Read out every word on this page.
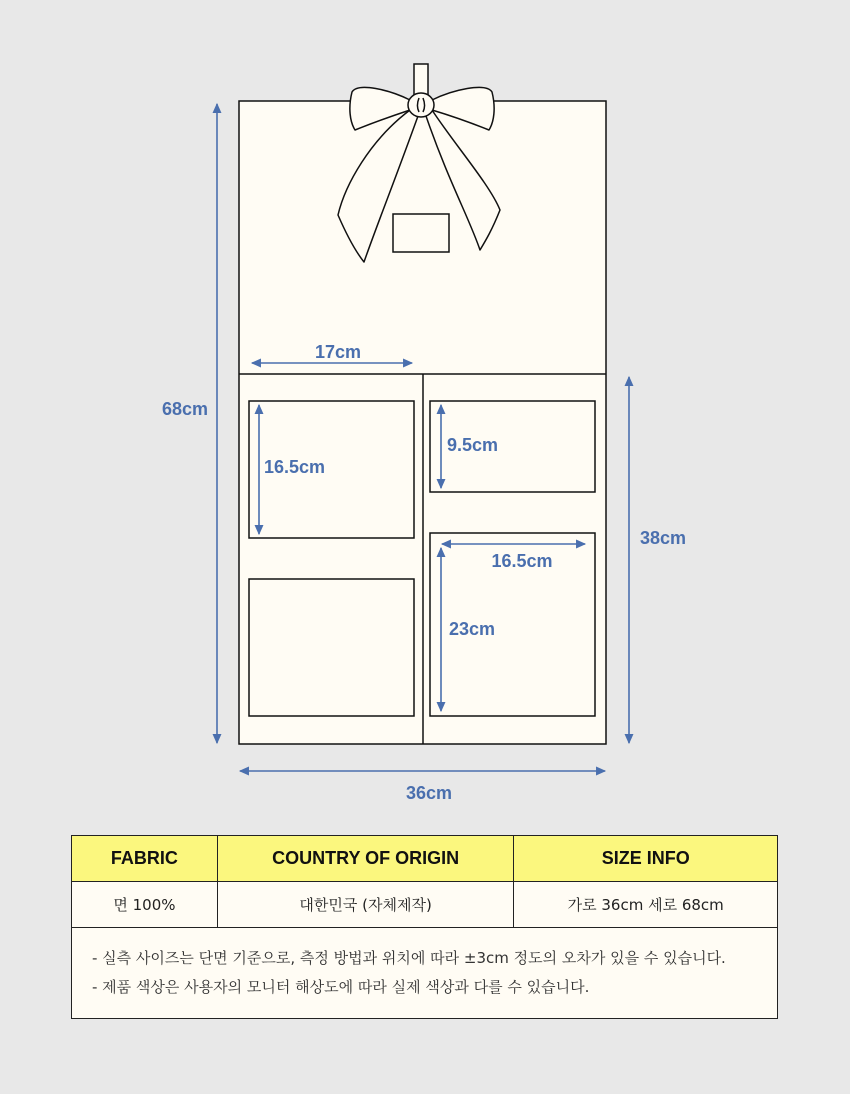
68cm
36cm
38cm
17cm
16.5cm
9.5cm
16.5cm
23cm
FABRIC	COUNTRY OF ORIGIN	SIZE INFO
면 100%	대한민국 (자체제작)	가로 36cm 세로 68cm

- 실측 사이즈는 단면 기준으로, 측정 방법과 위치에 따라 ±3cm 정도의 오차가 있을 수 있습니다.
- 제품 색상은 사용자의 모니터 해상도에 따라 실제 색상과 다를 수 있습니다.		
